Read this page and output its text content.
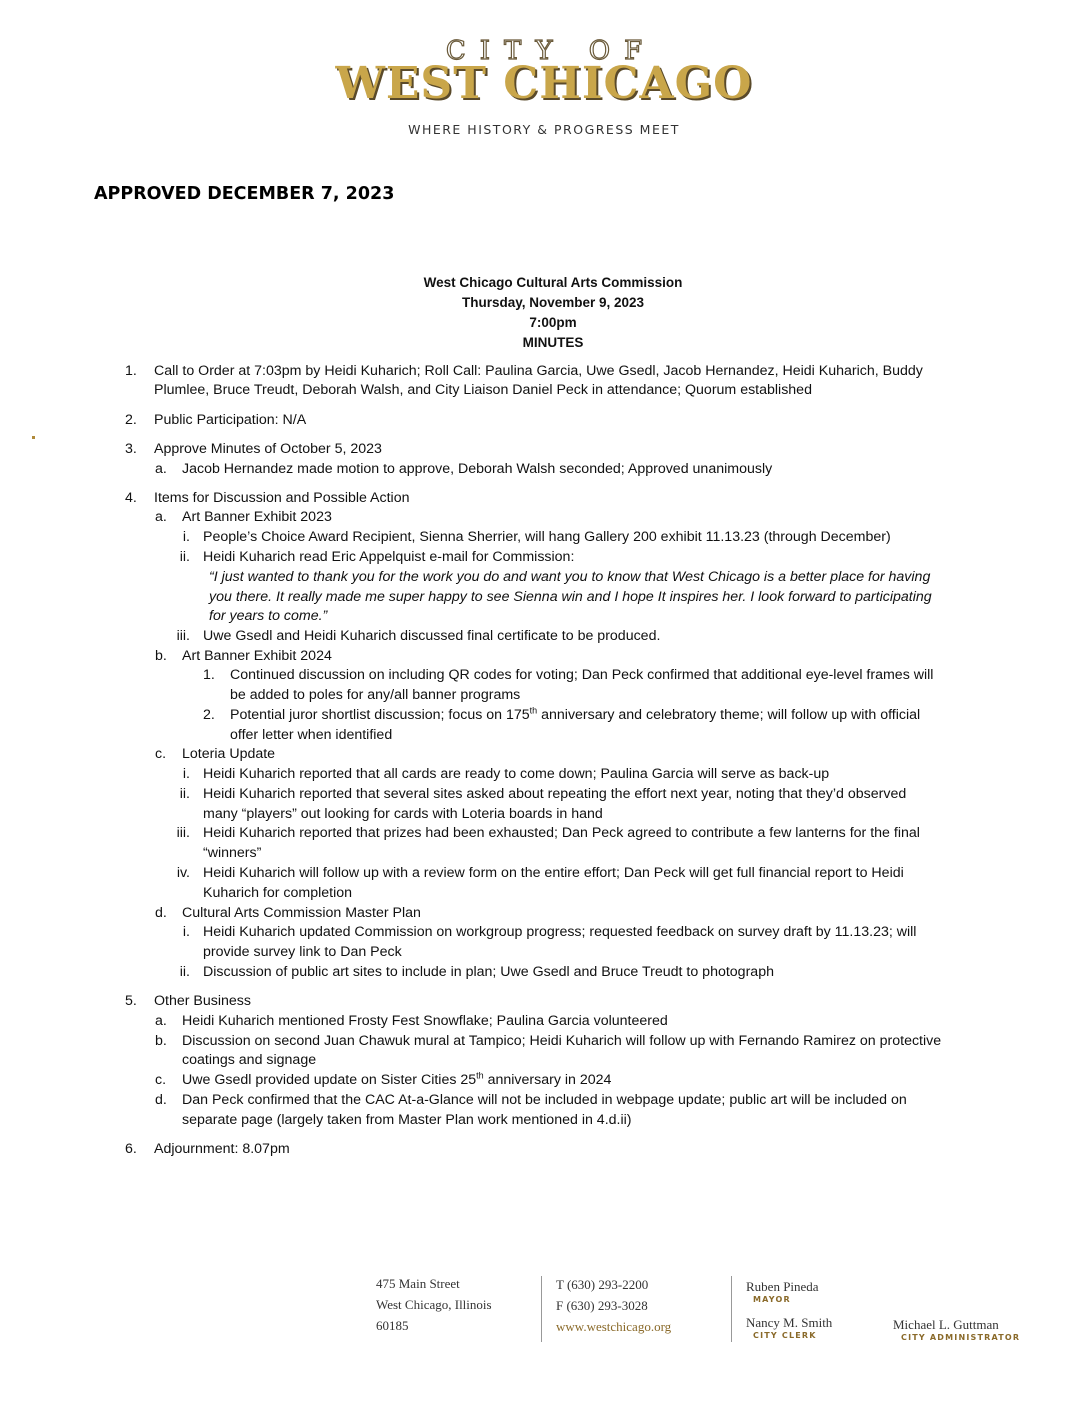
CITY OF
WEST CHICAGO
WHERE HISTORY & PROGRESS MEET
APPROVED DECEMBER 7, 2023
West Chicago Cultural Arts Commission
Thursday, November 9, 2023
7:00pm
MINUTES
1. Call to Order at 7:03pm by Heidi Kuharich; Roll Call: Paulina Garcia, Uwe Gsedl, Jacob Hernandez, Heidi Kuharich, Buddy
Plumlee, Bruce Treudt, Deborah Walsh, and City Liaison Daniel Peck in attendance; Quorum established
2. Public Participation: N/A
3. Approve Minutes of October 5, 2023
a. Jacob Hernandez made motion to approve, Deborah Walsh seconded; Approved unanimously
4. Items for Discussion and Possible Action
a. Art Banner Exhibit 2023
i. People’s Choice Award Recipient, Sienna Sherrier, will hang Gallery 200 exhibit 11.13.23 (through December)
ii. Heidi Kuharich read Eric Appelquist e-mail for Commission:
“I just wanted to thank you for the work you do and want you to know that West Chicago is a better place for having
you there. It really made me super happy to see Sienna win and I hope It inspires her. I look forward to participating
for years to come.”
iii. Uwe Gsedl and Heidi Kuharich discussed final certificate to be produced.
b. Art Banner Exhibit 2024
1. Continued discussion on including QR codes for voting; Dan Peck confirmed that additional eye-level frames will
be added to poles for any/all banner programs
2. Potential juror shortlist discussion; focus on 175th anniversary and celebratory theme; will follow up with official
offer letter when identified
c. Loteria Update
i. Heidi Kuharich reported that all cards are ready to come down; Paulina Garcia will serve as back-up
ii. Heidi Kuharich reported that several sites asked about repeating the effort next year, noting that they’d observed
many “players” out looking for cards with Loteria boards in hand
iii. Heidi Kuharich reported that prizes had been exhausted; Dan Peck agreed to contribute a few lanterns for the final
“winners”
iv. Heidi Kuharich will follow up with a review form on the entire effort; Dan Peck will get full financial report to Heidi
Kuharich for completion
d. Cultural Arts Commission Master Plan
i. Heidi Kuharich updated Commission on workgroup progress; requested feedback on survey draft by 11.13.23; will
provide survey link to Dan Peck
ii. Discussion of public art sites to include in plan; Uwe Gsedl and Bruce Treudt to photograph
5. Other Business
a. Heidi Kuharich mentioned Frosty Fest Snowflake; Paulina Garcia volunteered
b. Discussion on second Juan Chawuk mural at Tampico; Heidi Kuharich will follow up with Fernando Ramirez on protective
coatings and signage
c. Uwe Gsedl provided update on Sister Cities 25th anniversary in 2024
d. Dan Peck confirmed that the CAC At-a-Glance will not be included in webpage update; public art will be included on
separate page (largely taken from Master Plan work mentioned in 4.d.ii)
6. Adjournment: 8.07pm
475 Main Street
West Chicago, Illinois
60185
T (630) 293-2200
F (630) 293-3028
www.westchicago.org
Ruben Pineda
MAYOR
Nancy M. Smith
CITY CLERK
Michael L. Guttman
CITY ADMINISTRATOR
